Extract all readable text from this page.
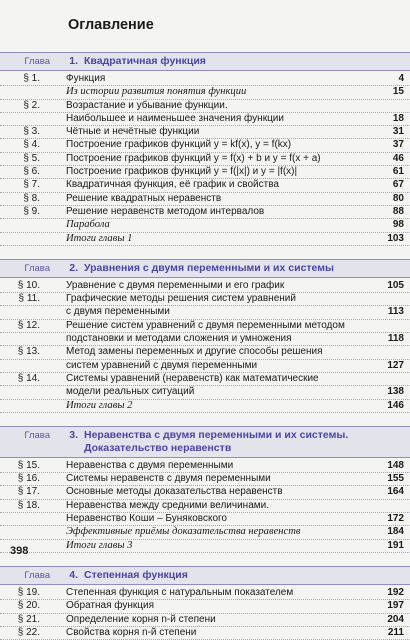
Оглавление
Глава	1. Квадратичная функция
§ 1.	Функция	4
Из истории развития понятия функции	15
§ 2.	Возрастание и убывание функции.
Наибольшее и наименьшее значения функции	18
§ 3.	Чётные и нечётные функции	31
§ 4.	Построение графиков функций y = kf(x), y = f(kx)	37
§ 5.	Построение графиков функций y = f(x) + b и y = f(x + a)	46
§ 6.	Построение графиков функций y = f(|x|) и y = |f(x)|	61
§ 7.	Квадратичная функция, её график и свойства	67
§ 8.	Решение квадратных неравенств	80
§ 9.	Решение неравенств методом интервалов	88
Парабола	98
Итоги главы 1	103
Глава	2. Уравнения с двумя переменными и их системы
§ 10.	Уравнение с двумя переменными и его график	105
§ 11.	Графические методы решения систем уравнений
с двумя переменными	113
§ 12.	Решение систем уравнений с двумя переменными методом
подстановки и методами сложения и умножения	118
§ 13.	Метод замены переменных и другие способы решения
систем уравнений с двумя переменными	127
§ 14.	Системы уравнений (неравенств) как математические
модели реальных ситуаций	138
Итоги главы 2	146
Глава	3. Неравенства с двумя переменными и их системы. Доказательство неравенств
§ 15.	Неравенства с двумя переменными	148
§ 16.	Системы неравенств с двумя переменными	155
§ 17.	Основные методы доказательства неравенств	164
§ 18.	Неравенства между средними величинами.
Неравенство Коши – Буняковского	172
Эффективные приёмы доказательства неравенств	184
Итоги главы 3	191
Глава	4. Степенная функция
§ 19.	Степенная функция с натуральным показателем	192
§ 20.	Обратная функция	197
§ 21.	Определение корня n-й степени	204
§ 22.	Свойства корня n-й степени	211
398
